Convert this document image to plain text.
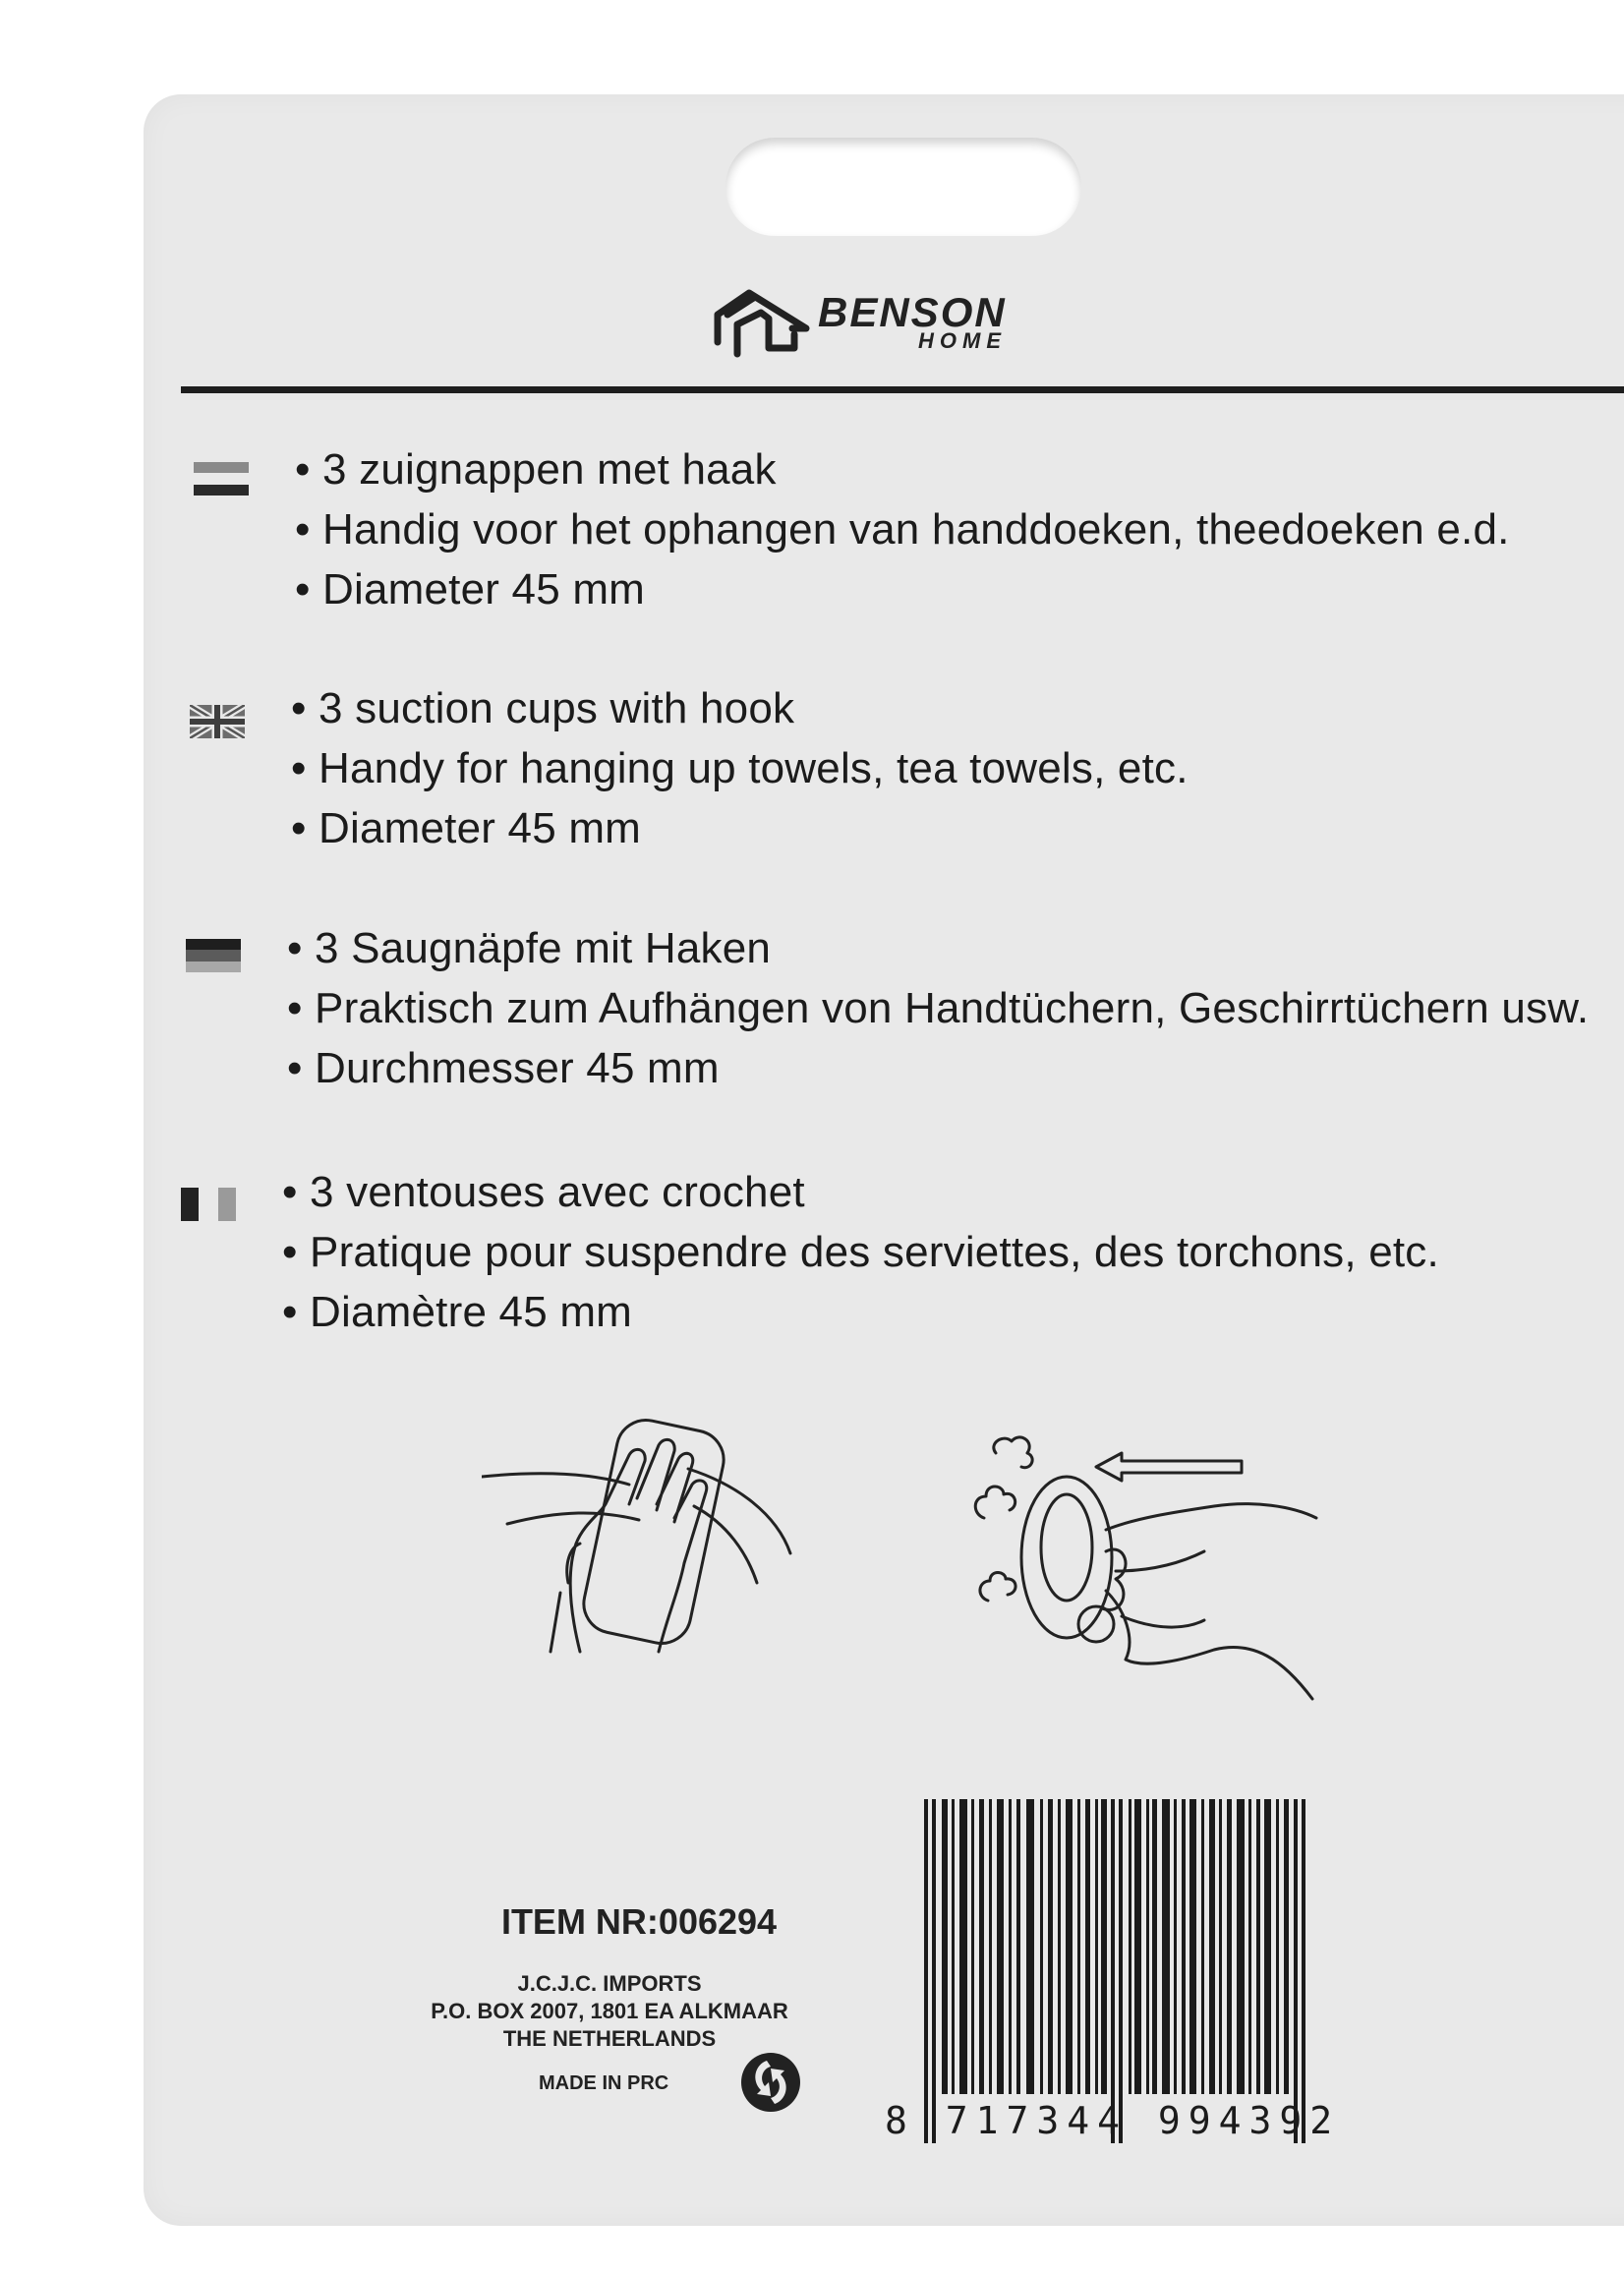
BENSON
HOME
• 3 zuignappen met haak
• Handig voor het ophangen van handdoeken, theedoeken e.d.
• Diameter 45 mm
• 3 suction cups with hook
• Handy for hanging up towels, tea towels, etc.
• Diameter 45 mm
• 3 Saugnäpfe mit Haken
• Praktisch zum Aufhängen von Handtüchern, Geschirrtüchern usw.
• Durchmesser 45 mm
• 3 ventouses avec crochet
• Pratique pour suspendre des serviettes, des torchons, etc.
• Diamètre 45 mm
ITEM NR:006294
J.C.J.C. IMPORTS
P.O. BOX 2007, 1801 EA ALKMAAR
THE NETHERLANDS
MADE IN PRC
8 717344 994392
